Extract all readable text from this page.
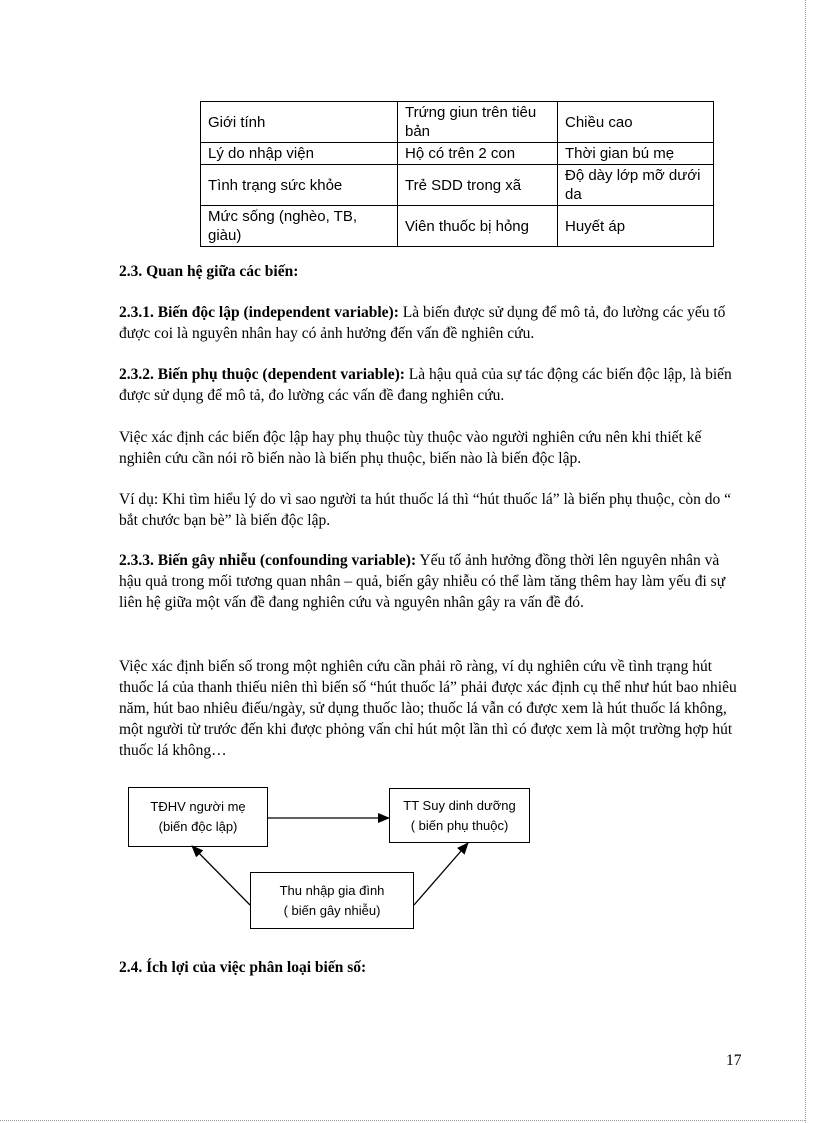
Giới tính	Trứng giun trên tiêu bản	Chiều cao
Lý do nhập viện	Hộ có trên 2 con	Thời gian bú mẹ
Tình trạng sức khỏe	Trẻ SDD trong xã	Độ dày lớp mỡ dưới da
Mức sống (nghèo, TB, giàu)	Viên thuốc bị hỏng	Huyết áp

2.3. Quan hệ giữa các biến:

2.3.1. Biến độc lập (independent variable): Là biến được sử dụng để mô tả, đo lường các yếu tố được coi là nguyên nhân hay có ảnh hưởng đến vấn đề nghiên cứu.

2.3.2. Biến phụ thuộc (dependent variable): Là hậu quả của sự tác động các biến độc lập, là biến được sử dụng để mô tả, đo lường các vấn đề đang nghiên cứu.

Việc xác định các biến độc lập hay phụ thuộc tùy thuộc vào người nghiên cứu nên khi thiết kế nghiên cứu cần nói rõ biến nào là biến phụ thuộc, biến nào là biến độc lập.

Ví dụ: Khi tìm hiểu lý do vì sao người ta hút thuốc lá thì “hút thuốc lá” là biến phụ thuộc, còn do “ bắt chước bạn bè” là biến độc lập.

2.3.3. Biến gây nhiễu (confounding variable): Yếu tố ảnh hưởng đồng thời lên nguyên nhân và hậu quả trong mối tương quan nhân – quả, biến gây nhiễu có thể làm tăng thêm hay làm yếu đi sự liên hệ giữa một vấn đề đang nghiên cứu và nguyên nhân gây ra vấn đề đó.

Việc xác định biến số trong một nghiên cứu cần phải rõ ràng, ví dụ nghiên cứu về tình trạng hút thuốc lá của thanh thiếu niên thì biến số “hút thuốc lá” phải được xác định cụ thể như hút bao nhiêu năm, hút bao nhiêu điếu/ngày, sử dụng thuốc lào; thuốc lá vẫn có được xem là hút thuốc lá không, một người từ trước đến khi được phỏng vấn chỉ hút một lần thì có được xem là một trường hợp hút thuốc lá không…

TĐHV người mẹ
(biến độc lập)
TT Suy dinh dưỡng
( biến phụ thuộc)
Thu nhập gia đình
( biến gây nhiễu)

2.4. Ích lợi của việc phân loại biến số:

17
